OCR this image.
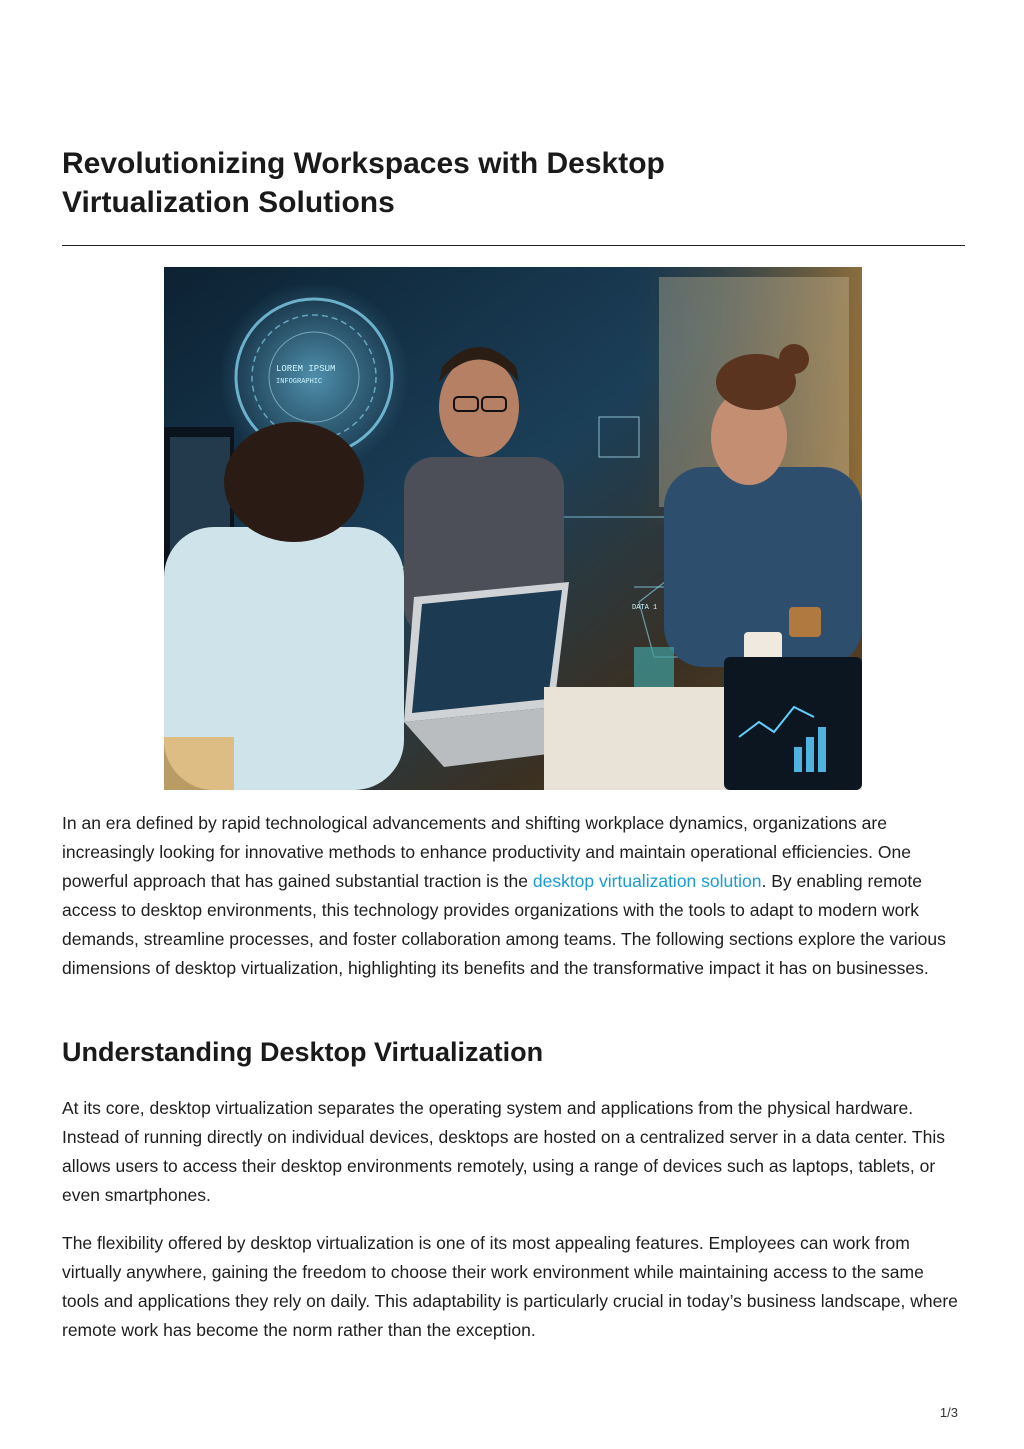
Revolutionizing Workspaces with Desktop Virtualization Solutions
LOREM IPSUM
INFOGRAPHIC
DATA 1

In an era defined by rapid technological advancements and shifting workplace dynamics, organizations are increasingly looking for innovative methods to enhance productivity and maintain operational efficiencies. One powerful approach that has gained substantial traction is the desktop virtualization solution. By enabling remote access to desktop environments, this technology provides organizations with the tools to adapt to modern work demands, streamline processes, and foster collaboration among teams. The following sections explore the various dimensions of desktop virtualization, highlighting its benefits and the transformative impact it has on businesses.

Understanding Desktop Virtualization

At its core, desktop virtualization separates the operating system and applications from the physical hardware. Instead of running directly on individual devices, desktops are hosted on a centralized server in a data center. This allows users to access their desktop environments remotely, using a range of devices such as laptops, tablets, or even smartphones.

The flexibility offered by desktop virtualization is one of its most appealing features. Employees can work from virtually anywhere, gaining the freedom to choose their work environment while maintaining access to the same tools and applications they rely on daily. This adaptability is particularly crucial in today’s business landscape, where remote work has become the norm rather than the exception.

1/3
